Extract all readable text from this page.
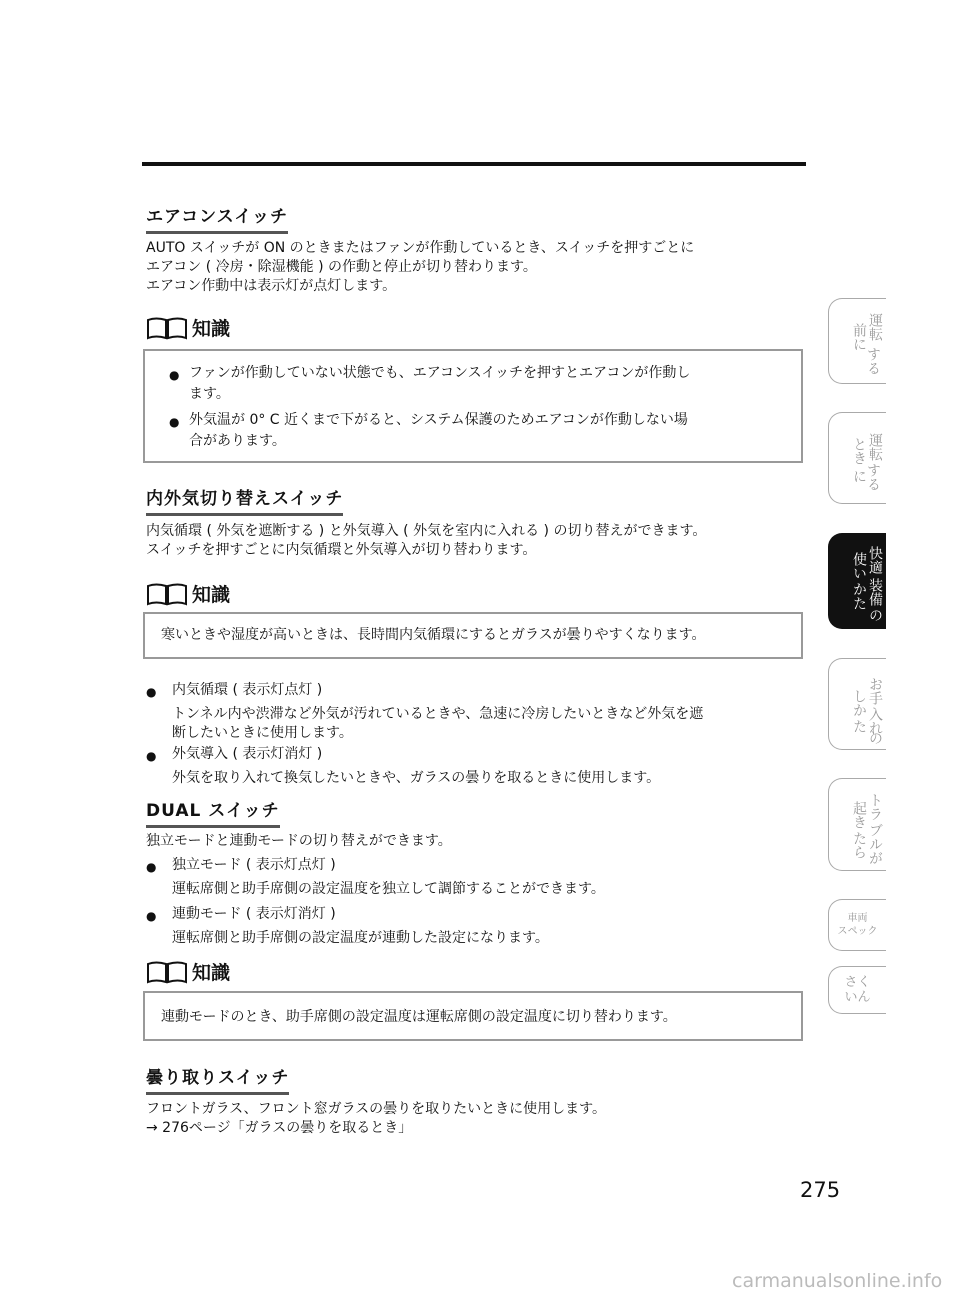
エアコンスイッチ
AUTO スイッチが ON のときまたはファンが作動しているとき、スイッチを押すごとに
エアコン ( 冷房・除湿機能 ) の作動と停止が切り替わります。
エアコン作動中は表示灯が点灯します。
知識
● ファンが作動していない状態でも、エアコンスイッチを押すとエアコンが作動し
ます。
● 外気温が 0° C 近くまで下がると、システム保護のためエアコンが作動しない場
合があります。
内外気切り替えスイッチ
内気循環 ( 外気を遮断する ) と外気導入 ( 外気を室内に入れる ) の切り替えができます。
スイッチを押すごとに内気循環と外気導入が切り替わります。
知識
寒いときや湿度が高いときは、長時間内気循環にするとガラスが曇りやすくなります。
●	内気循環 ( 表示灯点灯 )
トンネル内や渋滞など外気が汚れているときや、急速に冷房したいときなど外気を遮
断したいときに使用します。
●	外気導入 ( 表示灯消灯 )
外気を取り入れて換気したいときや、ガラスの曇りを取るときに使用します。
DUAL スイッチ
独立モードと連動モードの切り替えができます。
●	独立モード ( 表示灯点灯 )
運転席側と助手席側の設定温度を独立して調節することができます。
●	連動モード ( 表示灯消灯 )
運転席側と助手席側の設定温度が連動した設定になります。
知識
連動モードのとき、助手席側の設定温度は運転席側の設定温度に切り替わります。
曇り取りスイッチ
フロントガラス、フロント窓ガラスの曇りを取りたいときに使用します。
→ 276ページ「ガラスの曇りを取るとき」
運転
前に
する
運転
とき
する
に
快適
装備
の
使い
かた
お手
入れ
の
しか
た
トラ
ブル
が
起き
たら
車両
スペック
さく
いん
275
carmanualsonline.info
